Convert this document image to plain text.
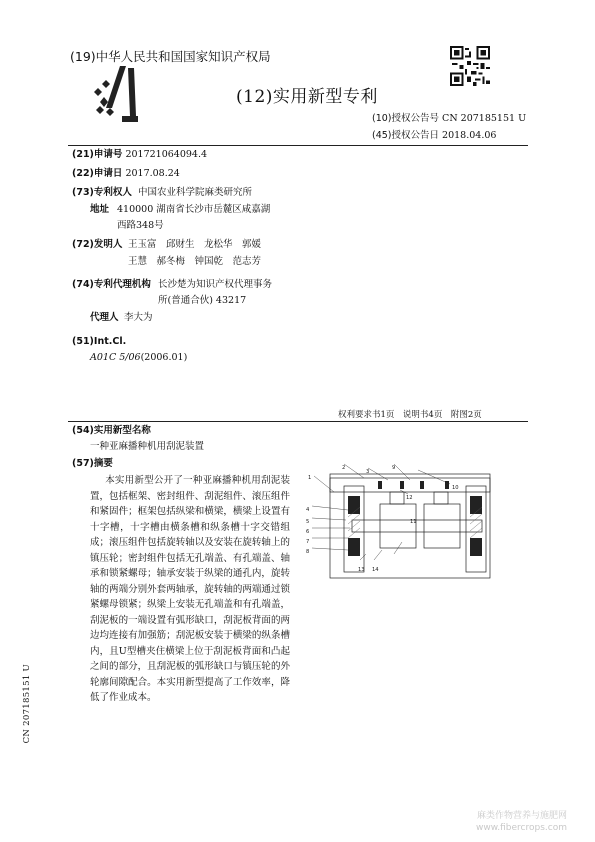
(19)中华人民共和国国家知识产权局
(12)实用新型专利
(10)授权公告号 CN 207185151 U
(45)授权公告日 2018.04.06
(21)申请号 201721064094.4
(22)申请日 2017.08.24
(73)专利权人 中国农业科学院麻类研究所
地址 410000 湖南省长沙市岳麓区咸嘉湖
西路348号
(72)发明人 王玉富　邱财生　龙松华　郭媛
王慧　郝冬梅　钟国乾　范志芳
(74)专利代理机构 长沙楚为知识产权代理事务
所(普通合伙) 43217
代理人 李大为
(51)Int.Cl.
A01C 5/06(2006.01)
权利要求书1页　说明书4页　附图2页
(54)实用新型名称
一种亚麻播种机用刮泥装置
(57)摘要
本实用新型公开了一种亚麻播种机用刮泥装置，包括框架、密封组件、刮泥组件、滚压组件和紧固件；框架包括纵梁和横梁，横梁上设置有十字槽，十字槽由横条槽和纵条槽十字交错组成；滚压组件包括旋转轴以及安装在旋转轴上的镇压轮；密封组件包括无孔端盖、有孔端盖、轴承和锁紧螺母；轴承安装于纵梁的通孔内，旋转轴的两端分别外套两轴承，旋转轴的两端通过锁紧螺母锁紧；纵梁上安装无孔端盖和有孔端盖，刮泥板的一端设置有弧形缺口，刮泥板背面的两边均连接有加强筋；刮泥板安装于横梁的纵条槽内，且U型槽夹住横梁上位于刮泥板背面和凸起之间的部分，且刮泥板的弧形缺口与镇压轮的外轮廓间隙配合。本实用新型提高了工作效率，降低了作业成本。
CN 207185151 U
1
2
3
4
5
6
7
8
9
10
11
12
13 14
麻类作物营养与施肥网
www.fibercrops.com
